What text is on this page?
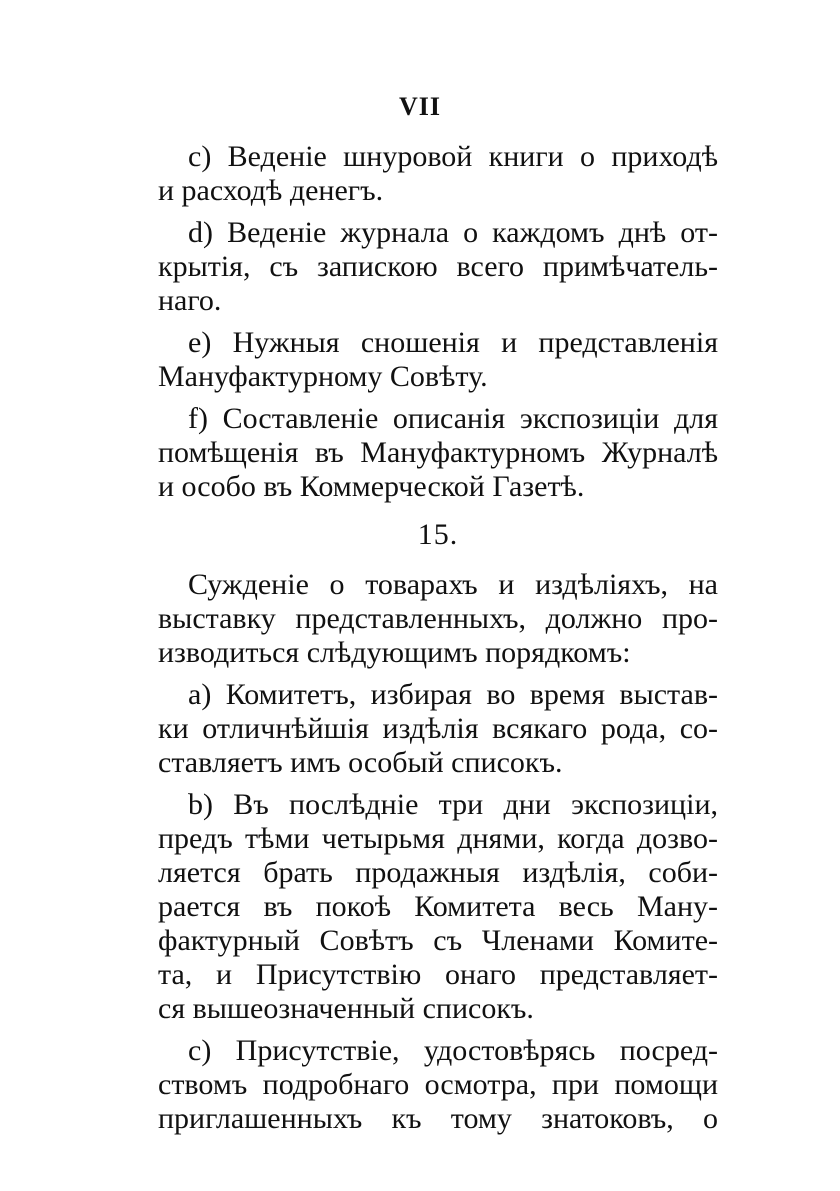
VII
c) Веденіе шнуровой книги о приходѣ
и расходѣ денегъ.
d) Веденіе журнала о каждомъ днѣ от-
крытія, съ запискою всего примѣчатель-
наго.
e) Нужныя сношенія и представленія
Мануфактурному Совѣту.
f) Составленіе описанія экспозиціи для
помѣщенія въ Мануфактурномъ Журналѣ
и особо въ Коммерческой Газетѣ.
15.
Сужденіе о товарахъ и издѣліяхъ, на
выставку представленныхъ, должно про-
изводиться слѣдующимъ порядкомъ:
a) Комитетъ, избирая во время выстав-
ки отличнѣйшія издѣлія всякаго рода, со-
ставляетъ имъ особый списокъ.
b) Въ послѣдніе три дни экспозиціи,
предъ тѣми четырьмя днями, когда дозво-
ляется брать продажныя издѣлія, соби-
рается въ покоѣ Комитета весь Ману-
фактурный Совѣтъ съ Членами Комите-
та, и Присутствію онаго представляет-
ся вышеозначенный списокъ.
c) Присутствіе, удостовѣрясь посред-
ствомъ подробнаго осмотра, при помощи
приглашенныхъ къ тому знатоковъ, о
